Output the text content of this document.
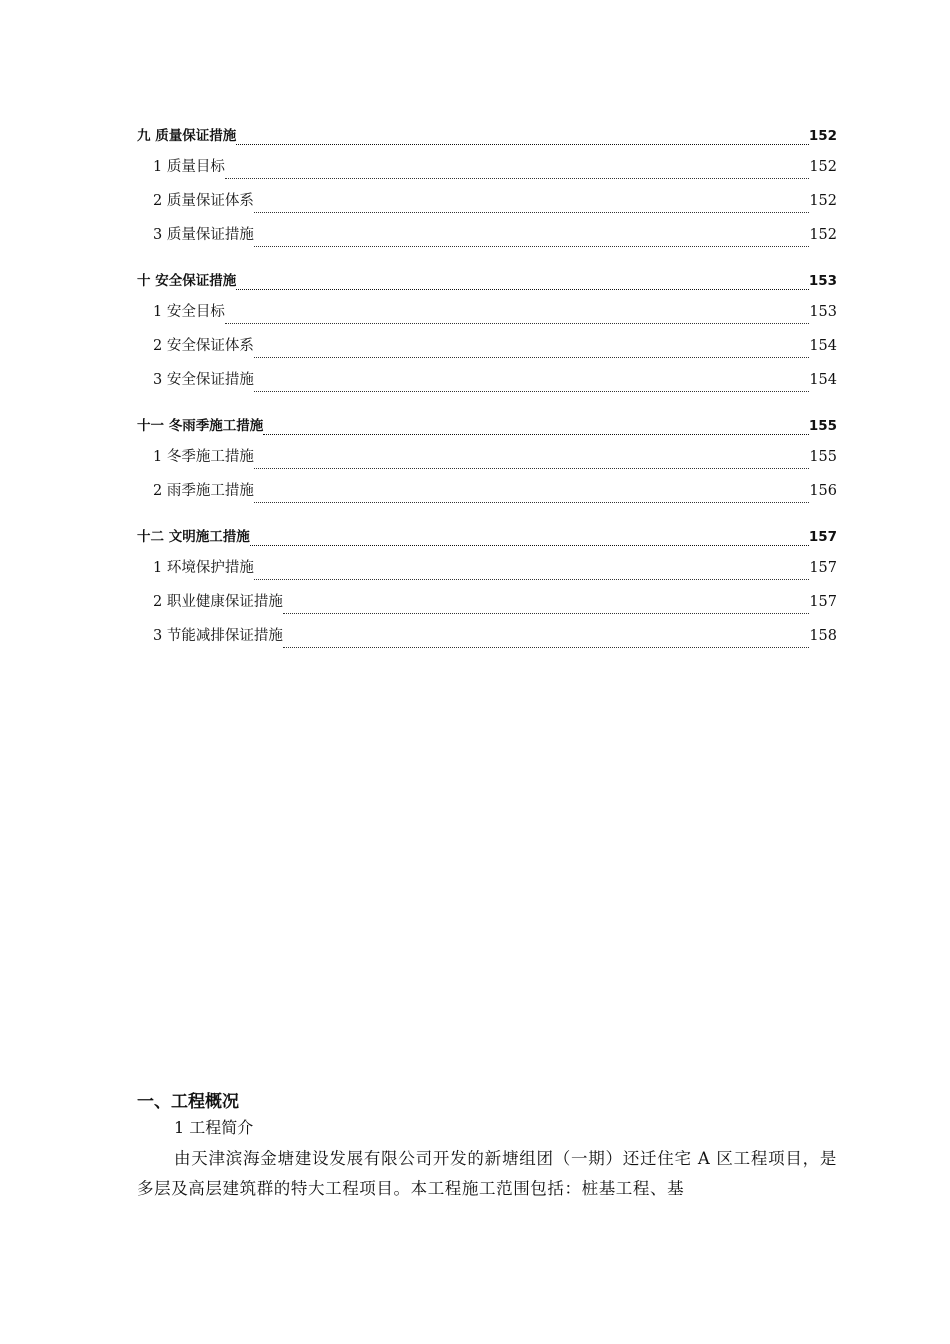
九 质量保证措施	152
1 质量目标	152
2 质量保证体系	152
3 质量保证措施	152
十 安全保证措施	153
1 安全目标	153
2 安全保证体系	154
3 安全保证措施	154
十一 冬雨季施工措施	155
1 冬季施工措施	155
2 雨季施工措施	156
十二 文明施工措施	157
1 环境保护措施	157
2 职业健康保证措施	157
3 节能减排保证措施	158
一、工程概况
1 工程简介
由天津滨海金塘建设发展有限公司开发的新塘组团（一期）还迁住宅 A 区工程项目，是多层及高层建筑群的特大工程项目。本工程施工范围包括：桩基工程、基
